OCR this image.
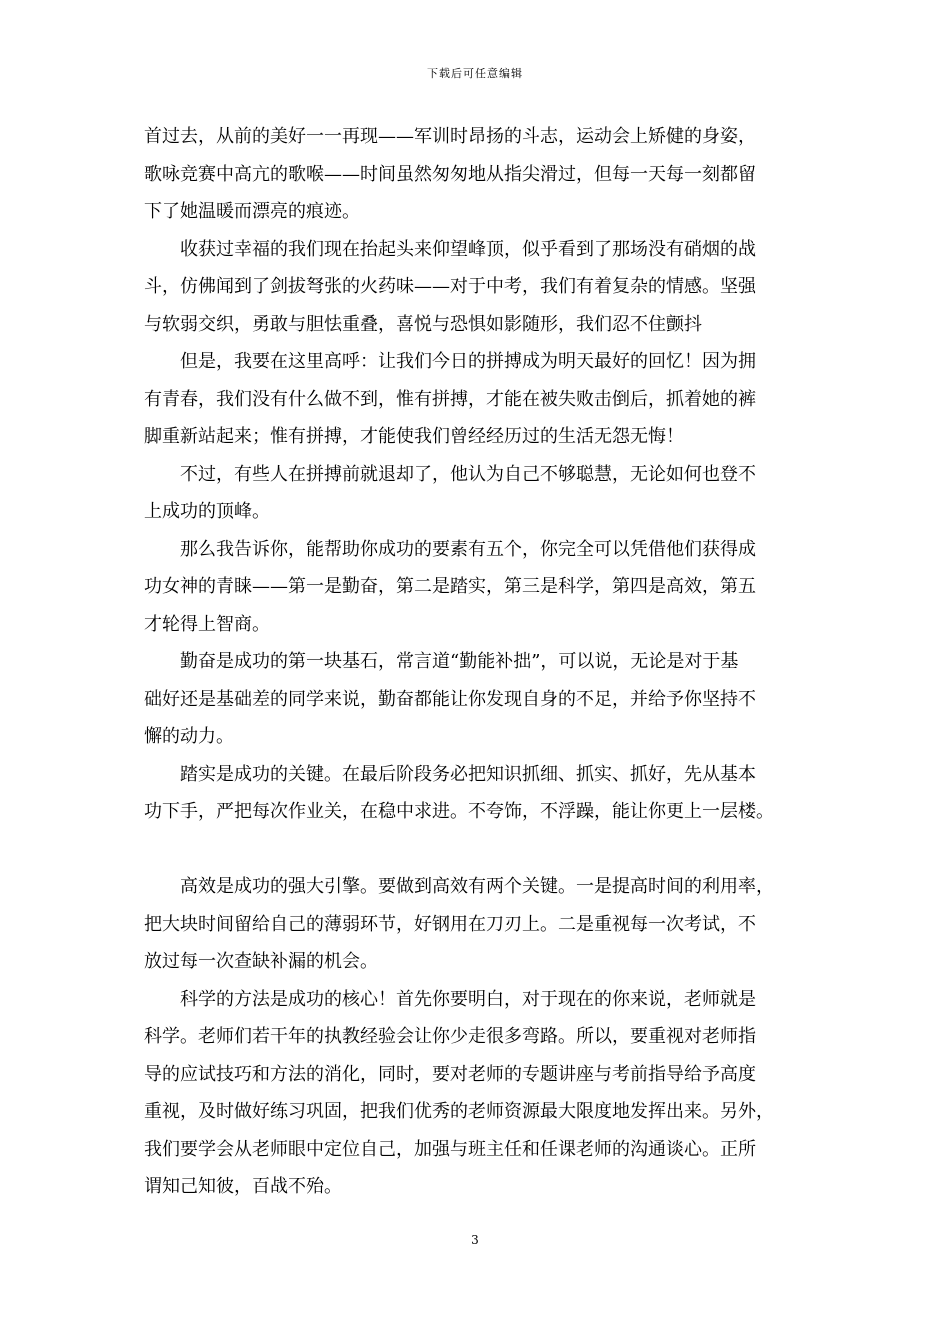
下载后可任意编辑
首过去，从前的美好一一再现——军训时昂扬的斗志，运动会上矫健的身姿，
歌咏竞赛中高亢的歌喉——时间虽然匆匆地从指尖滑过，但每一天每一刻都留
下了她温暖而漂亮的痕迹。
收获过幸福的我们现在抬起头来仰望峰顶，似乎看到了那场没有硝烟的战
斗，仿佛闻到了剑拔弩张的火药味——对于中考，我们有着复杂的情感。坚强
与软弱交织，勇敢与胆怯重叠，喜悦与恐惧如影随形，我们忍不住颤抖
但是，我要在这里高呼：让我们今日的拼搏成为明天最好的回忆！因为拥
有青春，我们没有什么做不到，惟有拼搏，才能在被失败击倒后，抓着她的裤
脚重新站起来；惟有拼搏，才能使我们曾经经历过的生活无怨无悔！
不过，有些人在拼搏前就退却了，他认为自己不够聪慧，无论如何也登不
上成功的顶峰。
那么我告诉你，能帮助你成功的要素有五个，你完全可以凭借他们获得成
功女神的青睐——第一是勤奋，第二是踏实，第三是科学，第四是高效，第五
才轮得上智商。
勤奋是成功的第一块基石，常言道“勤能补拙”，可以说，无论是对于基
础好还是基础差的同学来说，勤奋都能让你发现自身的不足，并给予你坚持不
懈的动力。
踏实是成功的关键。在最后阶段务必把知识抓细、抓实、抓好，先从基本
功下手，严把每次作业关，在稳中求进。不夸饰，不浮躁，能让你更上一层楼。
高效是成功的强大引擎。要做到高效有两个关键。一是提高时间的利用率，
把大块时间留给自己的薄弱环节，好钢用在刀刃上。二是重视每一次考试，不
放过每一次查缺补漏的机会。
科学的方法是成功的核心！首先你要明白，对于现在的你来说，老师就是
科学。老师们若干年的执教经验会让你少走很多弯路。所以，要重视对老师指
导的应试技巧和方法的消化，同时，要对老师的专题讲座与考前指导给予高度
重视，及时做好练习巩固，把我们优秀的老师资源最大限度地发挥出来。另外，
我们要学会从老师眼中定位自己，加强与班主任和任课老师的沟通谈心。正所
谓知己知彼，百战不殆。
3
